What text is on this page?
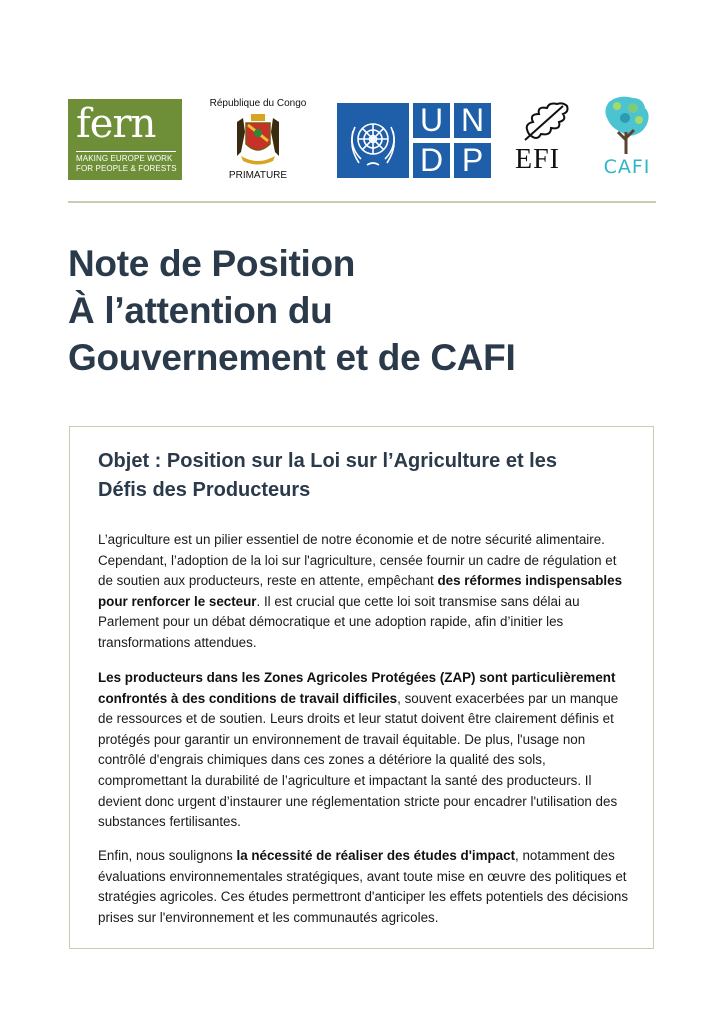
fern
MAKING EUROPE WORK
FOR PEOPLE & FORESTS
République du Congo
PRIMATURE
U N
D P EFI	CAFI
Note de Position
À l’attention du
Gouvernement et de CAFI
Objet : Position sur la Loi sur l’Agriculture et les
Défis des Producteurs

L’agriculture est un pilier essentiel de notre économie et de notre sécurité alimentaire. Cependant, l’adoption de la loi sur l'agriculture, censée fournir un cadre de régulation et de soutien aux producteurs, reste en attente, empêchant des réformes indispensables pour renforcer le secteur. Il est crucial que cette loi soit transmise sans délai au Parlement pour un débat démocratique et une adoption rapide, afin d’initier les transformations attendues.

Les producteurs dans les Zones Agricoles Protégées (ZAP) sont particulièrement confrontés à des conditions de travail difficiles, souvent exacerbées par un manque de ressources et de soutien. Leurs droits et leur statut doivent être clairement définis et protégés pour garantir un environnement de travail équitable. De plus, l'usage non contrôlé d'engrais chimiques dans ces zones a détériore la qualité des sols, compromettant la durabilité de l’agriculture et impactant la santé des producteurs. Il devient donc urgent d’instaurer une réglementation stricte pour encadrer l'utilisation des substances fertilisantes.

Enfin, nous soulignons la nécessité de réaliser des études d'impact, notamment des évaluations environnementales stratégiques, avant toute mise en œuvre des politiques et stratégies agricoles. Ces études permettront d'anticiper les effets potentiels des décisions prises sur l'environnement et les communautés agricoles.
